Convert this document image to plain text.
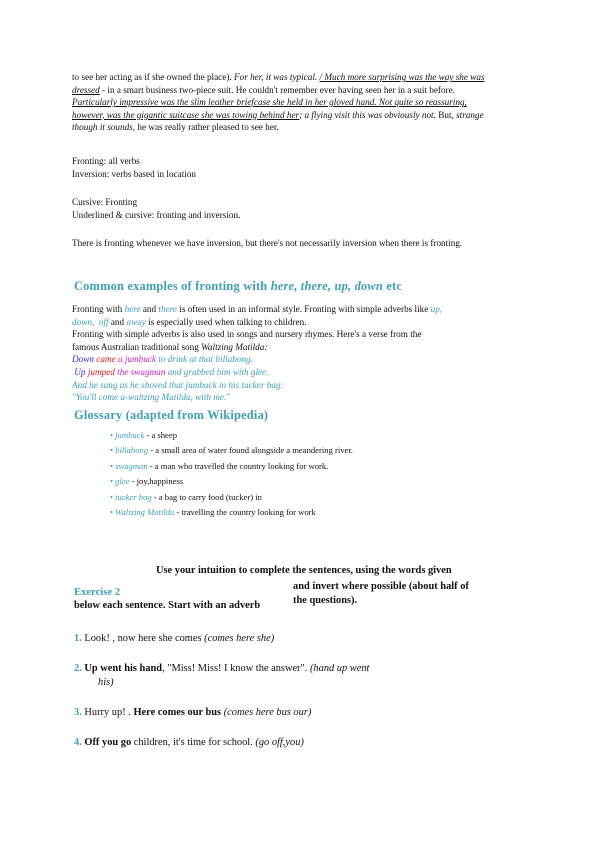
to see her acting as if she owned the place). For her, it was typical. / Much more surprising was the way she was
dressed - in a smart business two-piece suit. He couldn't remember ever having seen her in a suit before.
Particularly impressive was the slim leather briefcase she held in her gloved hand. Not quite so reassuring,
however, was the gigantic suitcase she was towing behind her; a flying visit this was obviously not. But, strange
though it sounds, he was really rather pleased to see her.
Fronting: all verbs
Inversion: verbs based in location
Cursive: Fronting
Underlined & cursive: fronting and inversion.
There is fronting whenever we have inversion, but there's not necessarily inversion when there is fronting.
Common examples of fronting with here, there, up, down etc
Fronting with here and there is often used in an informal style. Fronting with simple adverbs like up,
down, off and away is especially used when talking to children.
Fronting with simple adverbs is also used in songs and nursery rhymes. Here's a verse from the
famous Australian traditional song Waltzing Matilda:
Down came a jumbuck to drink at that billabong.
Up jumped the swagman and grabbed him with glee.
And he sang as he shoved that jumbuck in his tucker bag:
"You'll come a-waltzing Matilda, with me."
Glossary (adapted from Wikipedia)
• jumbuck - a sheep
• billabong - a small area of water found alongside a meandering river.
• swagman - a man who travelled the country looking for work.
• glee - joy,happiness
• tucker bag - a bag to carry food (tucker) in
• Waltzing Matilda - travelling the country looking for work
Use your intuition to complete the sentences, using the words given
and invert where possible (about half of
Exercise 2
the questions).
below each sentence. Start with an adverb
1. Look! , now here she comes (comes here she)
2. Up went his hand, "Miss! Miss! I know the answer". (hand up went
his)
3. Hurry up! . Here comes our bus (comes here bus our)
4. Off you go children, it's time for school. (go off,you)
